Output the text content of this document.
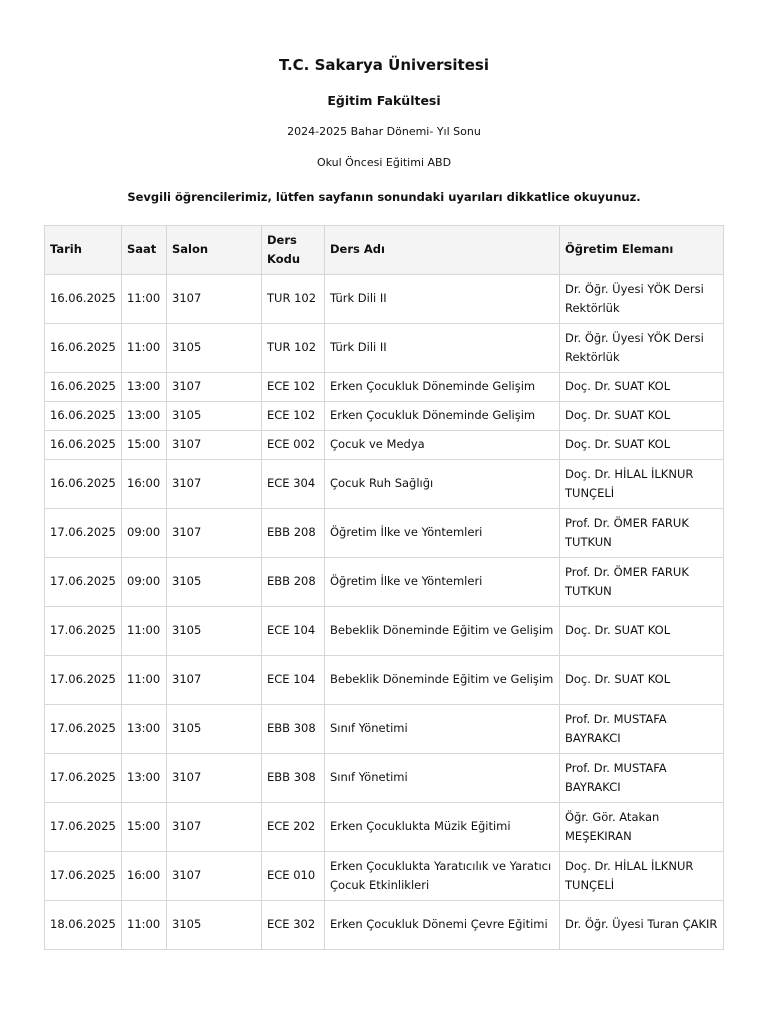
T.C. Sakarya Üniversitesi
Eğitim Fakültesi
2024-2025 Bahar Dönemi- Yıl Sonu
Okul Öncesi Eğitimi ABD
Sevgili öğrencilerimiz, lütfen sayfanın sonundaki uyarıları dikkatlice okuyunuz.
Tarih	Saat	Salon	Ders Kodu	Ders Adı	Öğretim Elemanı
16.06.2025	11:00	3107	TUR 102	Türk Dili II	Dr. Öğr. Üyesi YÖK Dersi Rektörlük
16.06.2025	11:00	3105	TUR 102	Türk Dili II	Dr. Öğr. Üyesi YÖK Dersi Rektörlük
16.06.2025	13:00	3107	ECE 102	Erken Çocukluk Döneminde Gelişim	Doç. Dr. SUAT KOL
16.06.2025	13:00	3105	ECE 102	Erken Çocukluk Döneminde Gelişim	Doç. Dr. SUAT KOL
16.06.2025	15:00	3107	ECE 002	Çocuk ve Medya	Doç. Dr. SUAT KOL
16.06.2025	16:00	3107	ECE 304	Çocuk Ruh Sağlığı	Doç. Dr. HİLAL İLKNUR TUNÇELİ
17.06.2025	09:00	3107	EBB 208	Öğretim İlke ve Yöntemleri	Prof. Dr. ÖMER FARUK TUTKUN
17.06.2025	09:00	3105	EBB 208	Öğretim İlke ve Yöntemleri	Prof. Dr. ÖMER FARUK TUTKUN
17.06.2025	11:00	3105	ECE 104	Bebeklik Döneminde Eğitim ve Gelişim	Doç. Dr. SUAT KOL
17.06.2025	11:00	3107	ECE 104	Bebeklik Döneminde Eğitim ve Gelişim	Doç. Dr. SUAT KOL
17.06.2025	13:00	3105	EBB 308	Sınıf Yönetimi	Prof. Dr. MUSTAFA BAYRAKCI
17.06.2025	13:00	3107	EBB 308	Sınıf Yönetimi	Prof. Dr. MUSTAFA BAYRAKCI
17.06.2025	15:00	3107	ECE 202	Erken Çocuklukta Müzik Eğitimi	Öğr. Gör. Atakan MEŞEKIRAN
17.06.2025	16:00	3107	ECE 010	Erken Çocuklukta Yaratıcılık ve Yaratıcı Çocuk Etkinlikleri	Doç. Dr. HİLAL İLKNUR TUNÇELİ
18.06.2025	11:00	3105	ECE 302	Erken Çocukluk Dönemi Çevre Eğitimi	Dr. Öğr. Üyesi Turan ÇAKIR
